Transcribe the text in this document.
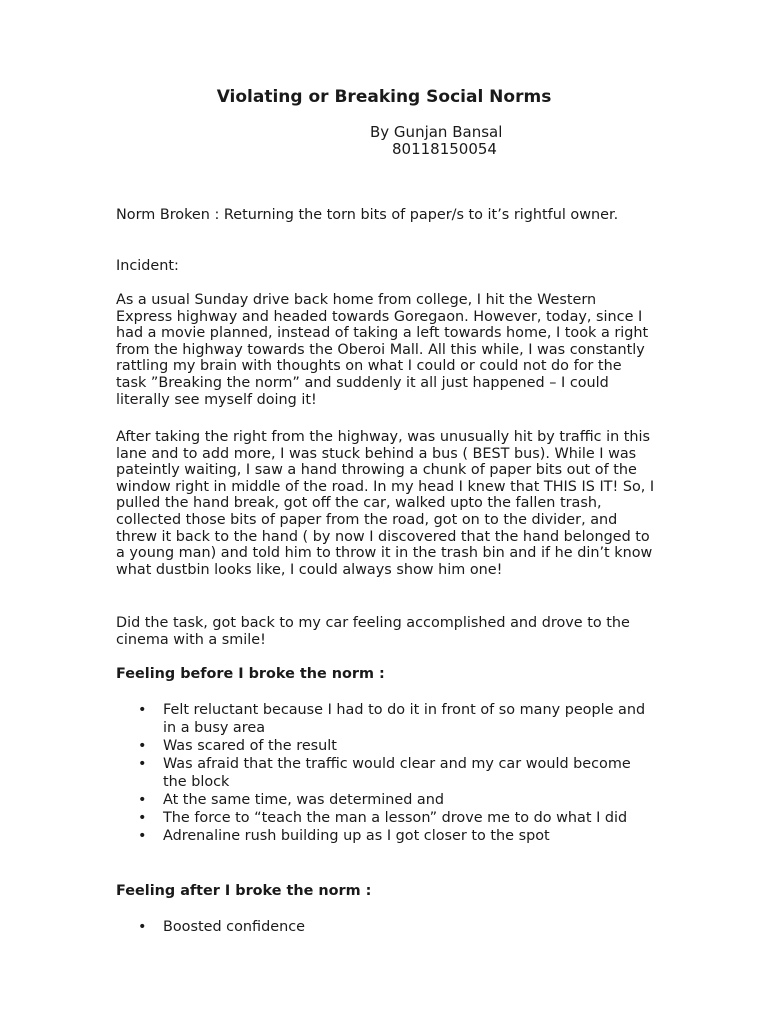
Violating or Breaking Social Norms
By Gunjan Bansal
80118150054

Norm Broken : Returning the torn bits of paper/s to it’s rightful owner.

Incident:

As a usual Sunday drive back home from college, I hit the Western Express highway and headed towards Goregaon. However, today, since I had a movie planned, instead of taking a left towards home, I took a right from the highway towards the Oberoi Mall. All this while, I was constantly rattling my brain with thoughts on what I could or could not do for the task ”Breaking the norm” and suddenly it all just happened – I could literally see myself doing it!

After taking the right from the highway, was unusually hit by traffic in this lane and to add more, I was stuck behind a bus ( BEST bus). While I was pateintly waiting, I saw a hand throwing a chunk of paper bits out of the window right in middle of the road. In my head I knew that THIS IS IT! So, I pulled the hand break, got off the car, walked upto the fallen trash, collected those bits of paper from the road, got on to the divider, and threw it back to the hand ( by now I discovered that the hand belonged to a young man) and told him to throw it in the trash bin and if he din’t know what dustbin looks like, I could always show him one!

Did the task, got back to my car feeling accomplished and drove to the cinema with a smile!

Feeling before I broke the norm :
• Felt reluctant because I had to do it in front of so many people and in a busy area
• Was scared of the result
• Was afraid that the traffic would clear and my car would become the block
• At the same time, was determined and
• The force to “teach the man a lesson” drove me to do what I did
• Adrenaline rush building up as I got closer to the spot
Feeling after I broke the norm :
• Boosted confidence
